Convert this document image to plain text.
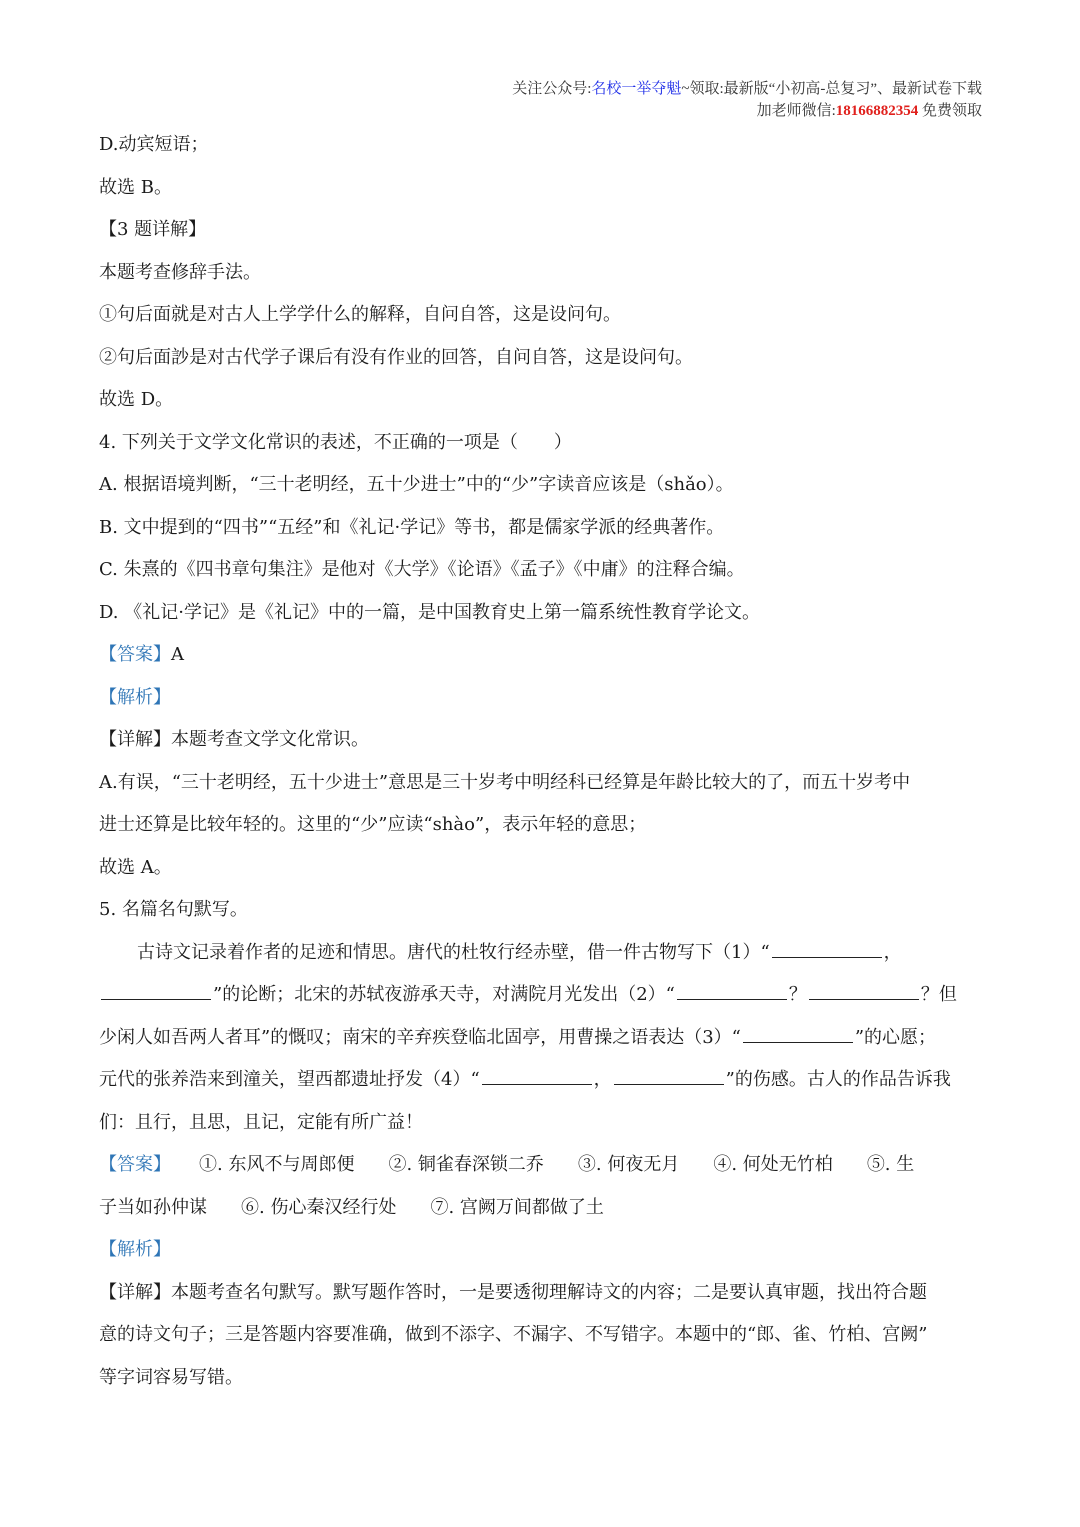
关注公众号:名校一举夺魁~领取:最新版“小初高-总复习”、最新试卷下载
加老师微信:18166882354 免费领取
D.动宾短语；
故选 B。
【3 题详解】
本题考查修辞手法。
①句后面就是对古人上学学什么的解释，自问自答，这是设问句。
②句后面訬是对古代学子课后有没有作业的回答，自问自答，这是设问句。
故选 D。
4. 下列关于文学文化常识的表述，不正确的一项是（　　）
A. 根据语境判断，“三十老明经，五十少进士”中的“少”字读音应该是（shǎo）。
B. 文中提到的“四书”“五经”和《礼记·学记》等书，都是儒家学派的经典著作。
C. 朱熹的《四书章句集注》是他对《大学》《论语》《孟子》《中庸》的注释合编。
D. 《礼记·学记》是《礼记》中的一篇，是中国教育史上第一篇系统性教育学论文。
【答案】A
【解析】
【详解】本题考查文学文化常识。
A.有误，“三十老明经，五十少进士”意思是三十岁考中明经科已经算是年龄比较大的了，而五十岁考中
进士还算是比较年轻的。这里的“少”应读“shào”，表示年轻的意思；
故选 A。
5. 名篇名句默写。
古诗文记录着作者的足迹和情思。唐代的杜牧行经赤壁，借一件古物写下（1）“	，
”的论断；北宋的苏轼夜游承天寺，对满院月光发出（2）“	？	？但
少闲人如吾两人者耳”的慨叹；南宋的辛弃疾登临北固亭，用曹操之语表达（3）“	”的心愿；
元代的张养浩来到潼关，望西都遗址抒发（4）“	，	”的伤感。古人的作品告诉我
们：且行，且思，且记，定能有所广益！
【答案】 ①. 东风不与周郎便 ②. 铜雀春深锁二乔 ③. 何夜无月 ④. 何处无竹柏 ⑤. 生
子当如孙仲谋 ⑥. 伤心秦汉经行处 ⑦. 宫阙万间都做了土
【解析】
【详解】本题考查名句默写。默写题作答时，一是要透彻理解诗文的内容；二是要认真审题，找出符合题
意的诗文句子；三是答题内容要准确，做到不添字、不漏字、不写错字。本题中的“郎、雀、竹柏、宫阙”
等字词容易写错。
